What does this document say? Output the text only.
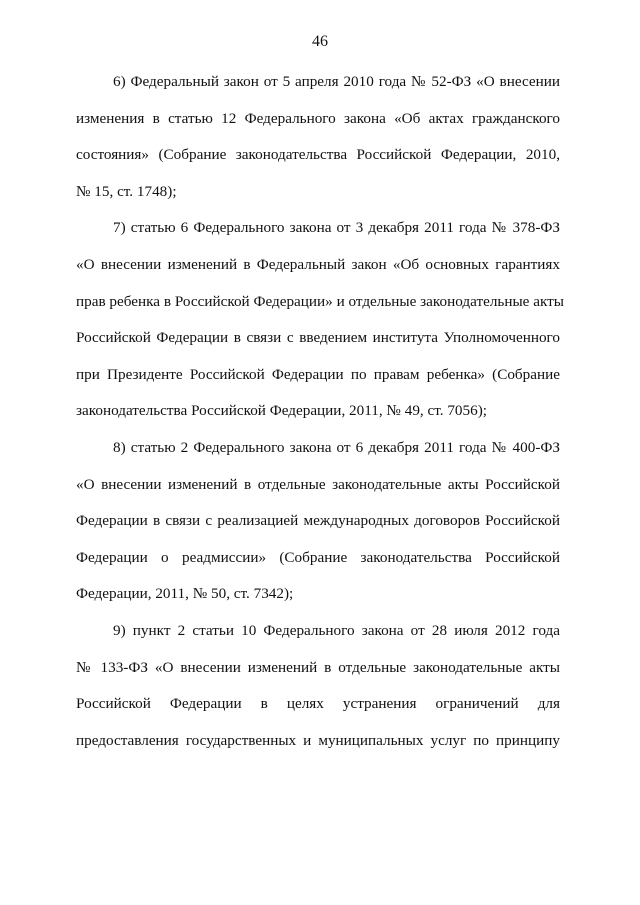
46
6) Федеральный закон от 5 апреля 2010 года № 52-ФЗ «О внесении
изменения в статью 12 Федерального закона «Об актах гражданского
состояния» (Собрание законодательства Российской Федерации, 2010,
№ 15, ст. 1748);
7) статью 6 Федерального закона от 3 декабря 2011 года № 378-ФЗ
«О внесении изменений в Федеральный закон «Об основных гарантиях
прав ребенка в Российской Федерации» и отдельные законодательные акты
Российской Федерации в связи с введением института Уполномоченного
при Президенте Российской Федерации по правам ребенка» (Собрание
законодательства Российской Федерации, 2011, № 49, ст. 7056);
8) статью 2 Федерального закона от 6 декабря 2011 года № 400-ФЗ
«О внесении изменений в отдельные законодательные акты Российской
Федерации в связи с реализацией международных договоров Российской
Федерации о реадмиссии» (Собрание законодательства Российской
Федерации, 2011, № 50, ст. 7342);
9) пункт 2 статьи 10 Федерального закона от 28 июля 2012 года
№ 133-ФЗ «О внесении изменений в отдельные законодательные акты
Российской Федерации в целях устранения ограничений для
предоставления государственных и муниципальных услуг по принципу
